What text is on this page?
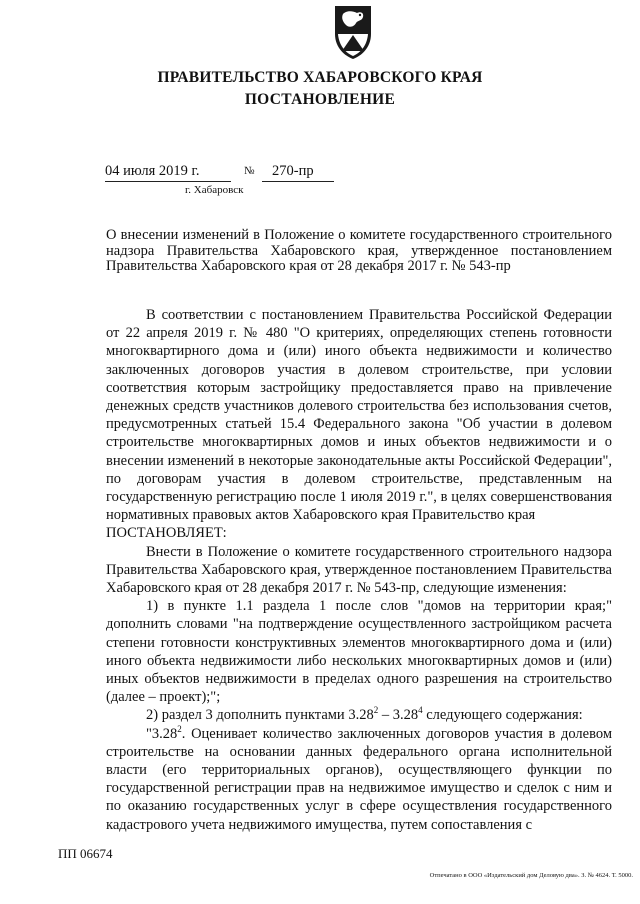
ПРАВИТЕЛЬСТВО ХАБАРОВСКОГО КРАЯ
ПОСТАНОВЛЕНИЕ
04 июля 2019 г.	№ 270-пр
г. Хабаровск
О внесении изменений в Положение о комитете государственного строительного надзора Правительства Хабаровского края, утвержденное постановлением Правительства Хабаровского края от 28 декабря 2017 г. № 543-пр

В соответствии с постановлением Правительства Российской Федерации от 22 апреля 2019 г. № 480 "О критериях, определяющих степень готовности многоквартирного дома и (или) иного объекта недвижимости и количество заключенных договоров участия в долевом строительстве, при условии соответствия которым застройщику предоставляется право на привлечение денежных средств участников долевого строительства без использования счетов, предусмотренных статьей 15.4 Федерального закона "Об участии в долевом строительстве многоквартирных домов и иных объектов недвижимости и о внесении изменений в некоторые законодательные акты Российской Федерации", по договорам участия в долевом строительстве, представленным на государственную регистрацию после 1 июля 2019 г.", в целях совершенствования нормативных правовых актов Хабаровского края Правительство края

ПОСТАНОВЛЯЕТ:

Внести в Положение о комитете государственного строительного надзора Правительства Хабаровского края, утвержденное постановлением Правительства Хабаровского края от 28 декабря 2017 г. № 543-пр, следующие изменения:

1) в пункте 1.1 раздела 1 после слов "домов на территории края;" дополнить словами "на подтверждение осуществленного застройщиком расчета степени готовности конструктивных элементов многоквартирного дома и (или) иного объекта недвижимости либо нескольких многоквартирных домов и (или) иных объектов недвижимости в пределах одного разрешения на строительство (далее – проект);";

2) раздел 3 дополнить пунктами 3.28$^2$ – 3.28$^4$ следующего содержания:

"3.28$^2$. Оценивает количество заключенных договоров участия в долевом строительстве на основании данных федерального органа исполнительной власти (его территориальных органов), осуществляющего функции по государственной регистрации прав на недвижимое имущество и сделок с ним и по оказанию государственных услуг в сфере осуществления государственного кадастрового учета недвижимого имущества, путем сопоставления с

ПП 06674
Отпечатано в ООО «Издательский дом Деловую два». З. № 4624. Т. 5000.
